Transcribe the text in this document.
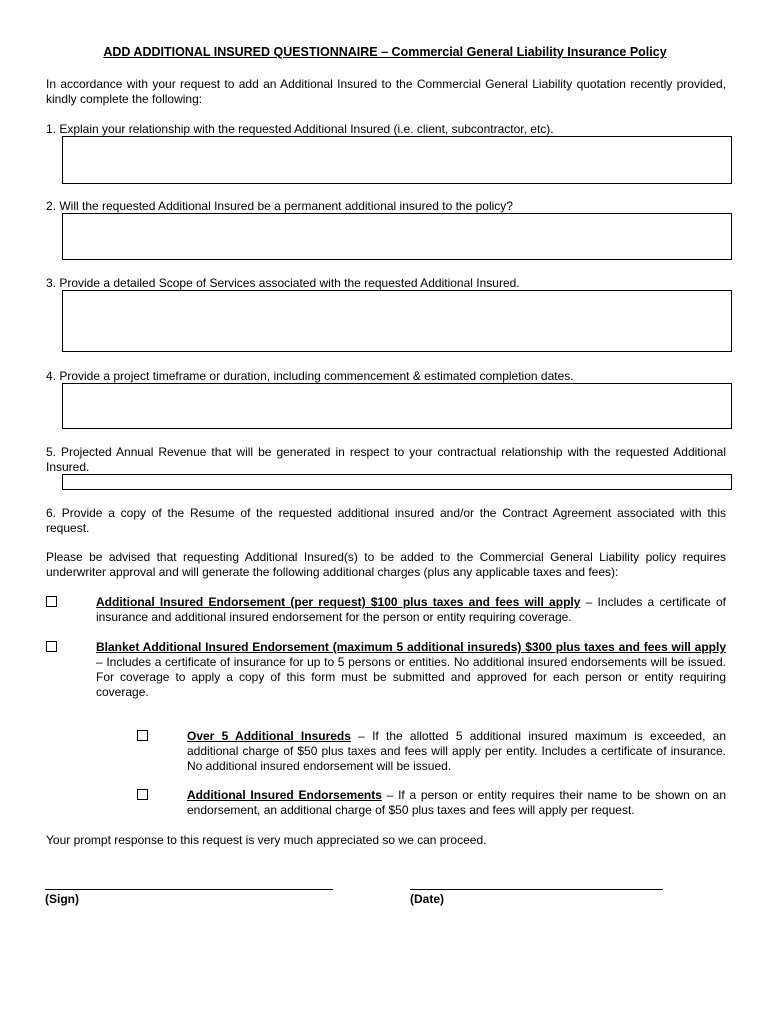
ADD ADDITIONAL INSURED QUESTIONNAIRE – Commercial General Liability Insurance Policy

In accordance with your request to add an Additional Insured to the Commercial General Liability quotation recently provided, kindly complete the following:

1. Explain your relationship with the requested Additional Insured (i.e. client, subcontractor, etc).

2. Will the requested Additional Insured be a permanent additional insured to the policy?

3. Provide a detailed Scope of Services associated with the requested Additional Insured.

4. Provide a project timeframe or duration, including commencement & estimated completion dates.

5. Projected Annual Revenue that will be generated in respect to your contractual relationship with the requested Additional Insured.

6. Provide a copy of the Resume of the requested additional insured and/or the Contract Agreement associated with this request.

Please be advised that requesting Additional Insured(s) to be added to the Commercial General Liability policy requires underwriter approval and will generate the following additional charges (plus any applicable taxes and fees):

Additional Insured Endorsement (per request) $100 plus taxes and fees will apply – Includes a certificate of insurance and additional insured endorsement for the person or entity requiring coverage.

Blanket Additional Insured Endorsement (maximum 5 additional insureds) $300 plus taxes and fees will apply – Includes a certificate of insurance for up to 5 persons or entities. No additional insured endorsements will be issued. For coverage to apply a copy of this form must be submitted and approved for each person or entity requiring coverage.

Over 5 Additional Insureds – If the allotted 5 additional insured maximum is exceeded, an additional charge of $50 plus taxes and fees will apply per entity. Includes a certificate of insurance. No additional insured endorsement will be issued.

Additional Insured Endorsements – If a person or entity requires their name to be shown on an endorsement, an additional charge of $50 plus taxes and fees will apply per request.

Your prompt response to this request is very much appreciated so we can proceed.

(Sign)	(Date)
